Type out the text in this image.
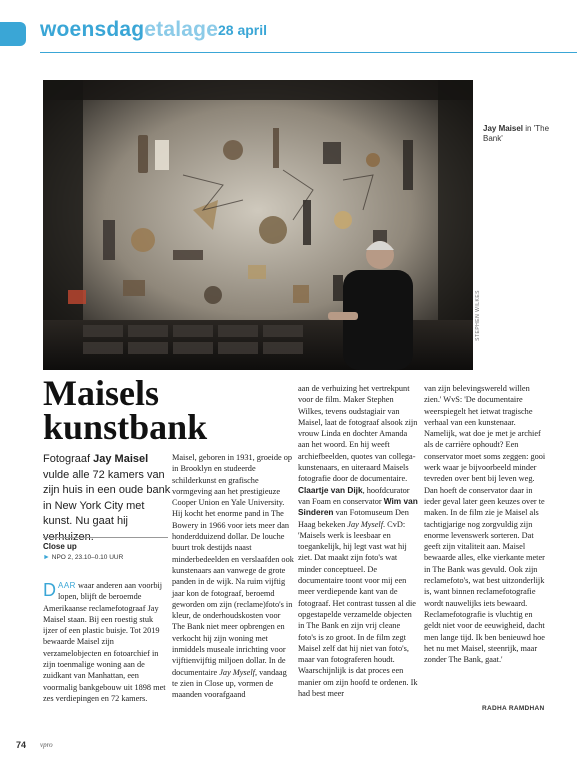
woensdagetalage 28 april
STEPHEN WILKES
Jay Maisel in 'The Bank'
Maisels kunstbank
Fotograaf Jay Maisel vulde alle 72 kamers van zijn huis in een oude bank in New York City met kunst. Nu gaat hij verhuizen.
Close up
► NPO 2, 23.10–0.10 UUR

DAAR waar anderen aan voorbij lopen, blijft de beroemde Amerikaanse reclamefotograaf Jay Maisel staan. Bij een roestig stuk ijzer of een plastic buisje. Tot 2019 bewaarde Maisel zijn verzamelobjecten en fotoarchief in zijn toenmalige woning aan de zuidkant van Manhattan, een voormalig bankgebouw uit 1898 met zes verdiepingen en 72 kamers.

Maisel, geboren in 1931, groeide op in Brooklyn en studeerde schilderkunst en grafische vormgeving aan het prestigieuze Cooper Union en Yale University. Hij kocht het enorme pand in The Bowery in 1966 voor iets meer dan honderdduizend dollar. De louche buurt trok destijds naast minderbedeelden en verslaafden ook kunstenaars aan vanwege de grote panden in de wijk. Na ruim vijftig jaar kon de fotograaf, beroemd geworden om zijn (reclame)foto's in kleur, de onderhoudskosten voor The Bank niet meer opbrengen en verkocht hij zijn woning met inmiddels museale inrichting voor vijftienvijftig miljoen dollar. In de documentaire Jay Myself, vandaag te zien in Close up, vormen de maanden voorafgaand

aan de verhuizing het vertrekpunt voor de film. Maker Stephen Wilkes, tevens oudstagiair van Maisel, laat de fotograaf alsook zijn vrouw Linda en dochter Amanda aan het woord. En hij weeft archiefbeelden, quotes van collega-kunstenaars, en uiteraard Maisels fotografie door de documentaire. Claartje van Dijk, hoofdcurator van Foam en conservator Wim van Sinderen van Fotomuseum Den Haag bekeken Jay Myself. CvD: 'Maisels werk is leesbaar en toegankelijk, hij legt vast wat hij ziet. Dat maakt zijn foto's wat minder conceptueel. De documentaire toont voor mij een meer verdiepende kant van de fotograaf. Het contrast tussen al die opgestapelde verzamelde objecten in The Bank en zijn vrij cleane foto's is zo groot. In de film zegt Maisel zelf dat hij niet van foto's, maar van fotograferen houdt. Waarschijnlijk is dat proces een manier om zijn hoofd te ordenen. Ik had best meer

van zijn belevingswereld willen zien.' WvS: 'De documentaire weerspiegelt het ietwat tragische verhaal van een kunstenaar. Namelijk, wat doe je met je archief als de carrière ophoudt? Een conservator moet soms zeggen: gooi werk waar je bijvoorbeeld minder tevreden over bent bij leven weg. Dan hoeft de conservator daar in ieder geval later geen keuzes over te maken. In de film zie je Maisel als tachtigjarige nog zorgvuldig zijn enorme levenswerk sorteren. Dat geeft zijn vitaliteit aan. Maisel bewaarde alles, elke vierkante meter in The Bank was gevuld. Ook zijn reclamefoto's, wat best uitzonderlijk is, want binnen reclamefotografie wordt nauwelijks iets bewaard. Reclamefotografie is vluchtig en geldt niet voor de eeuwigheid, dacht men lange tijd. Ik ben benieuwd hoe het nu met Maisel, steenrijk, maar zonder The Bank, gaat.'

RADHA RAMDHAN
74 vpro
